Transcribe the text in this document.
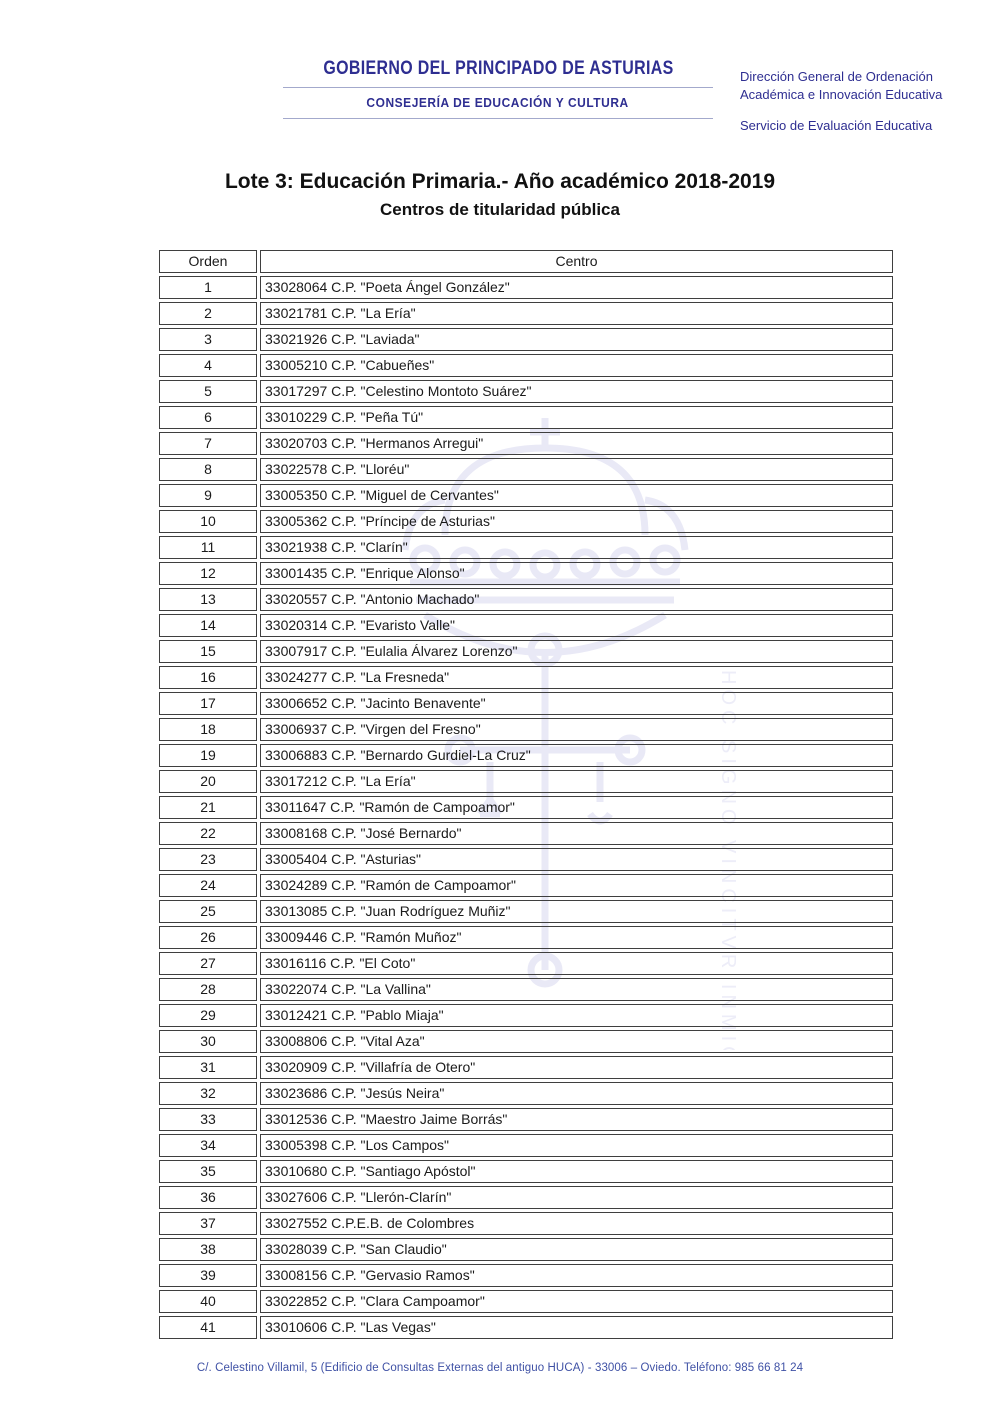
HOC SIGNO VINCITVR INMICVS
GOBIERNO DEL PRINCIPADO DE ASTURIAS
CONSEJERÍA DE EDUCACIÓN Y CULTURA
Dirección General de Ordenación
Académica e Innovación Educativa
Servicio de Evaluación Educativa

Lote 3: Educación Primaria.- Año académico 2018-2019

Centros de titularidad pública

Orden	Centro
1	33028064 C.P. "Poeta Ángel González"
2	33021781 C.P. "La Ería"
3	33021926 C.P. "Laviada"
4	33005210 C.P. "Cabueñes"
5	33017297 C.P. "Celestino Montoto Suárez"
6	33010229 C.P. "Peña Tú"
7	33020703 C.P. "Hermanos Arregui"
8	33022578 C.P. "Lloréu"
9	33005350 C.P. "Miguel de Cervantes"
10	33005362 C.P. "Príncipe de Asturias"
11	33021938 C.P. "Clarín"
12	33001435 C.P. "Enrique Alonso"
13	33020557 C.P. "Antonio Machado"
14	33020314 C.P. "Evaristo Valle"
15	33007917 C.P. "Eulalia Álvarez Lorenzo"
16	33024277 C.P. "La Fresneda"
17	33006652 C.P. "Jacinto Benavente"
18	33006937 C.P. "Virgen del Fresno"
19	33006883 C.P. "Bernardo Gurdiel-La Cruz"
20	33017212 C.P. "La Ería"
21	33011647 C.P. "Ramón de Campoamor"
22	33008168 C.P. "José Bernardo"
23	33005404 C.P. "Asturias"
24	33024289 C.P. "Ramón de Campoamor"
25	33013085 C.P. "Juan Rodríguez Muñiz"
26	33009446 C.P. "Ramón Muñoz"
27	33016116 C.P. "El Coto"
28	33022074 C.P. "La Vallina"
29	33012421 C.P. "Pablo Miaja"
30	33008806 C.P. "Vital Aza"
31	33020909 C.P. "Villafría de Otero"
32	33023686 C.P. "Jesús Neira"
33	33012536 C.P. "Maestro Jaime Borrás"
34	33005398 C.P. "Los Campos"
35	33010680 C.P. "Santiago Apóstol"
36	33027606 C.P. "Llerón-Clarín"
37	33027552 C.P.E.B. de Colombres
38	33028039 C.P. "San Claudio"
39	33008156 C.P. "Gervasio Ramos"
40	33022852 C.P. "Clara Campoamor"
41	33010606 C.P. "Las Vegas"
C/. Celestino Villamil, 5 (Edificio de Consultas Externas del antiguo HUCA) - 33006 – Oviedo. Teléfono: 985 66 81 24
